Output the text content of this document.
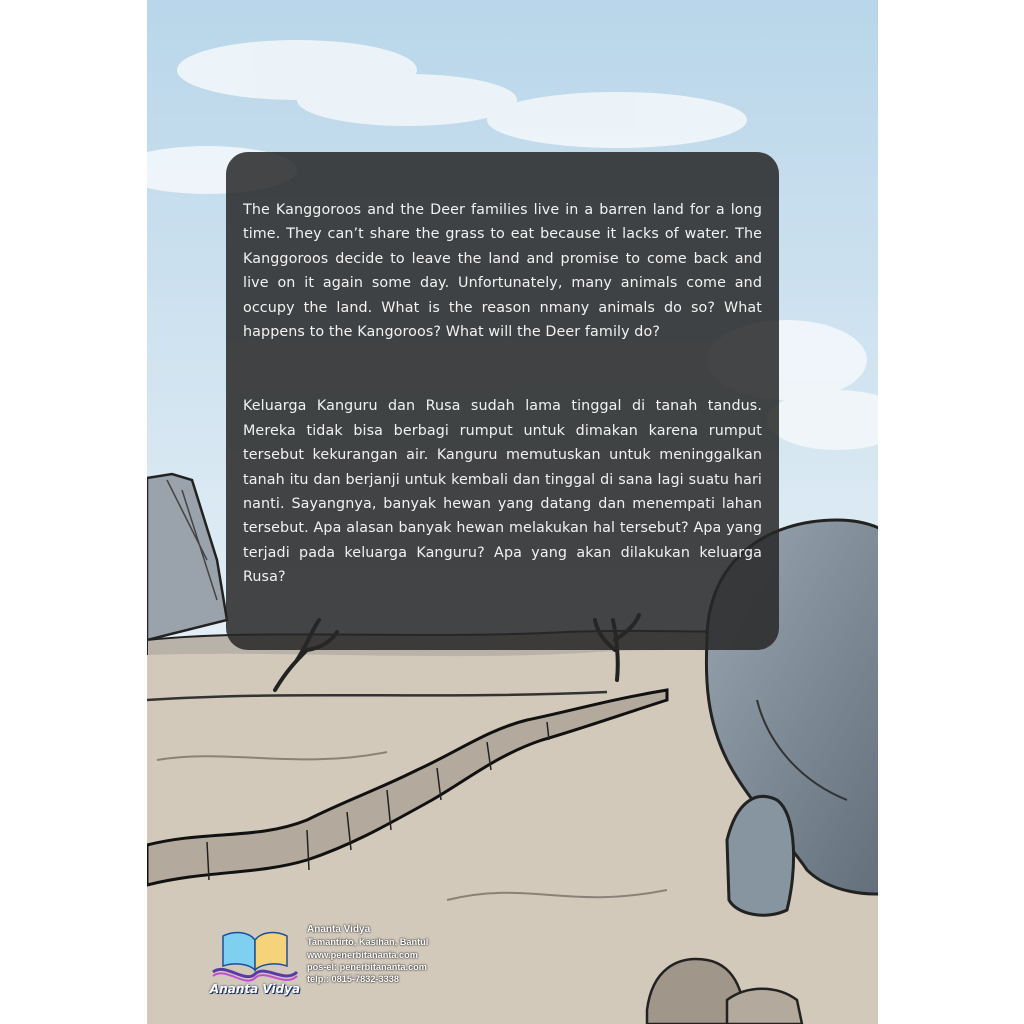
The Kanggoroos and the Deer families live in a barren land for a long time. They can’t share the grass to eat because it lacks of water. The Kanggoroos decide to leave the land and promise to come back and live on it again some day. Unfortunately, many animals come and occupy the land. What is the reason nmany animals do so? What happens to the Kangoroos? What will the Deer family do?

Keluarga Kanguru dan Rusa sudah lama tinggal di tanah tandus. Mereka tidak bisa berbagi rumput untuk dimakan karena rumput tersebut kekurangan air. Kanguru memutuskan untuk meninggalkan tanah itu dan berjanji untuk kembali dan tinggal di sana lagi suatu hari nanti. Sayangnya, banyak hewan yang datang dan menempati lahan tersebut. Apa alasan banyak hewan melakukan hal tersebut? Apa yang terjadi pada keluarga Kanguru? Apa yang akan dilakukan keluarga Rusa?

Ananta Vidya
Ananta Vidya
Tamantirto, Kasihan, Bantul
www.penerbitananta.com
pos-el: penerbitananta.com
telp.: 0815-7832-3338
